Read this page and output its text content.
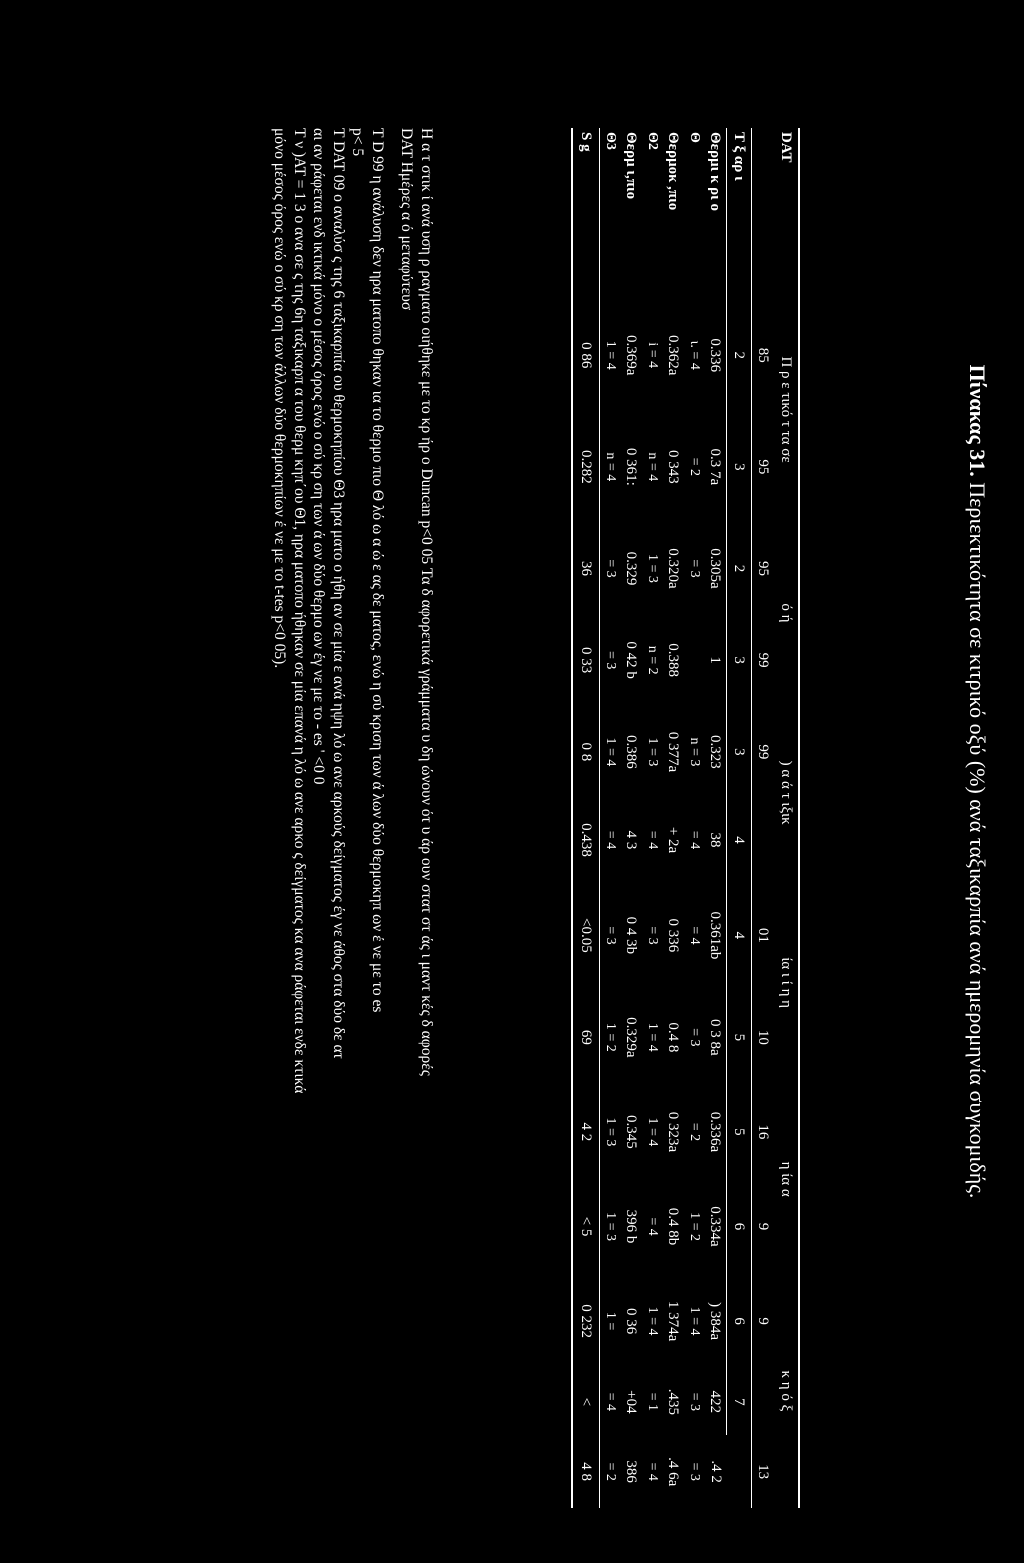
Πίνακας 31. Περιεκτικότητα σε κιτρικό οξύ (%) ανά ταξικαρπία ανά ημερομηνία συγκομιδής.
DAT	Π ρ ε τικό τ τα σε		ό ή		) α ά τ ιξικ		ία ι ί η η		η ία α		κ η ό ξ		
	85	95	95	99	99		01	10	16	9	9		13
Τ ξ αρ ι	2	3	2	3	3	4	4	5	5	6	6	7	
Θερμι κ ρι ο	0.336	0.3 7a	0.305a	1	0.323	38	0.361ab	0 3 8a	0.336a	0.334a	) 384a	422	.4 2
Θ	ι. = 4	= 2	= 3		n = 3	= 4	= 4	= 3	= 2	1 = 2	1 = 4	= 3	= 3
Θερμοκ ,πιο	0.362a	0 343	0.320a	0.388	0 377a	+ 2a	0 336	0.4 8	0 323a	0.4 8b	1 374a	.435	.4 6a
Θ2	i = 4	n = 4	1 = 3	n = 2	1 = 3	= 4	= 3	1 = 4	1 = 4	= 4	1 = 4	= 1	= 4
Θερμ ι,πιο	0.369a	0 361:	0.329	0 42 b	0.386	4 3	0 4 3b	0.329a	0.345	396 b	0 36	+04	386
Θ3	1 = 4	n = 4	= 3	= 3	1 = 4	= 4	= 3	1 = 2	1 = 3	1 = 3	1 =	= 4	= 2
S g	0 86	0.282	36	0 33	0 8	0.438	<0.05	69	4 2	< 5	0 232	<	4 8

Η α τ στικ ί ανά υση ρ ραγματο οιήθηκε με το κρ ήρ ο Duncan p<0 05 Τα δ αφορετικά γράμματα υ δη ώνουν ότ υ άρ ουν στατ στ άς ι μαντ κές δ αφορές

DAT Ημέρες α ό μεταφύτευσ

Τ D 99 η ανάλυση δεν ηρα ματοπο θηκαν ια το θερμο πιο Θ λό ω α ώ ε ας δε ματος, ενώ η σύ κριση των ά λων δύο θερμοκηπ ων έ νε με το es

p< 5

Τ DAT 09 ο αναλύσ ς της 6 ταξικαρπία ου θερμοκηπίου Θ3 ηρα ματο ο ήθη αν σε μία ε ανά ηψη λό ω ανε αρκούς δείγματος έγ νε άθος στα δύο δε ατ

αι αν ράφεται ενδ ικτικά μόνο ο μέσος όρος ενώ ο σύ κρ ση των ά ων δύο θερμο ων έγ νε με το - es ' <0 0

Τ ν )ΑΤ = 1 3 ο ανα σε ς της 6η ταξικαρπ α του θερμ κηπ΄ου Θ1, ηρα ματοπο ήθηκαν σε μία επανά η λό ω ανε αρκο ς δείγματος κα ανα ράφεται ενδε κτικά

μόνο μέσος όρος ενώ ο σύ κρ ση των άλλων δύο θερμοκηπίων έ νε με το t-tes p<0 05).
